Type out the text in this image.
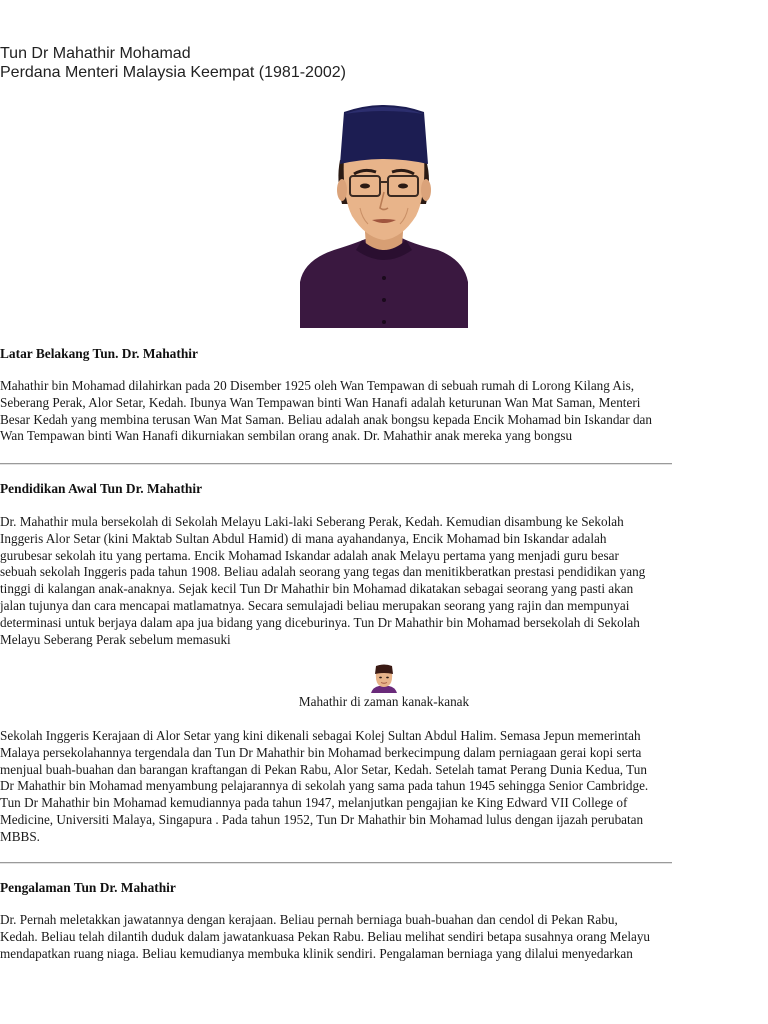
Tun Dr Mahathir Mohamad
Perdana Menteri Malaysia Keempat (1981-2002)
Latar Belakang Tun. Dr. Mahathir
Mahathir bin Mohamad dilahirkan pada 20 Disember 1925 oleh Wan Tempawan di sebuah rumah di Lorong Kilang Ais,
Seberang Perak, Alor Setar, Kedah. Ibunya Wan Tempawan binti Wan Hanafi adalah keturunan Wan Mat Saman, Menteri
Besar Kedah yang membina terusan Wan Mat Saman. Beliau adalah anak bongsu kepada Encik Mohamad bin Iskandar dan
Wan Tempawan binti Wan Hanafi dikurniakan sembilan orang anak. Dr. Mahathir anak mereka yang bongsu
Pendidikan Awal Tun Dr. Mahathir
Dr. Mahathir mula bersekolah di Sekolah Melayu Laki-laki Seberang Perak, Kedah. Kemudian disambung ke Sekolah
Inggeris Alor Setar (kini Maktab Sultan Abdul Hamid) di mana ayahandanya, Encik Mohamad bin Iskandar adalah
gurubesar sekolah itu yang pertama. Encik Mohamad Iskandar adalah anak Melayu pertama yang menjadi guru besar
sebuah sekolah Inggeris pada tahun 1908. Beliau adalah seorang yang tegas dan menitikberatkan prestasi pendidikan yang
tinggi di kalangan anak-anaknya. Sejak kecil Tun Dr Mahathir bin Mohamad dikatakan sebagai seorang yang pasti akan
jalan tujunya dan cara mencapai matlamatnya. Secara semulajadi beliau merupakan seorang yang rajin dan mempunyai
determinasi untuk berjaya dalam apa jua bidang yang diceburinya. Tun Dr Mahathir bin Mohamad bersekolah di Sekolah
Melayu Seberang Perak sebelum memasuki
Mahathir di zaman kanak-kanak
Sekolah Inggeris Kerajaan di Alor Setar yang kini dikenali sebagai Kolej Sultan Abdul Halim. Semasa Jepun memerintah
Malaya persekolahannya tergendala dan Tun Dr Mahathir bin Mohamad berkecimpung dalam perniagaan gerai kopi serta
menjual buah-buahan dan barangan kraftangan di Pekan Rabu, Alor Setar, Kedah. Setelah tamat Perang Dunia Kedua, Tun
Dr Mahathir bin Mohamad menyambung pelajarannya di sekolah yang sama pada tahun 1945 sehingga Senior Cambridge.
Tun Dr Mahathir bin Mohamad kemudiannya pada tahun 1947, melanjutkan pengajian ke King Edward VII College of
Medicine, Universiti Malaya, Singapura . Pada tahun 1952, Tun Dr Mahathir bin Mohamad lulus dengan ijazah perubatan
MBBS.
Pengalaman Tun Dr. Mahathir
Dr. Pernah meletakkan jawatannya dengan kerajaan. Beliau pernah berniaga buah-buahan dan cendol di Pekan Rabu,
Kedah. Beliau telah dilantih duduk dalam jawatankuasa Pekan Rabu. Beliau melihat sendiri betapa susahnya orang Melayu
mendapatkan ruang niaga. Beliau kemudianya membuka klinik sendiri. Pengalaman berniaga yang dilalui menyedarkan
